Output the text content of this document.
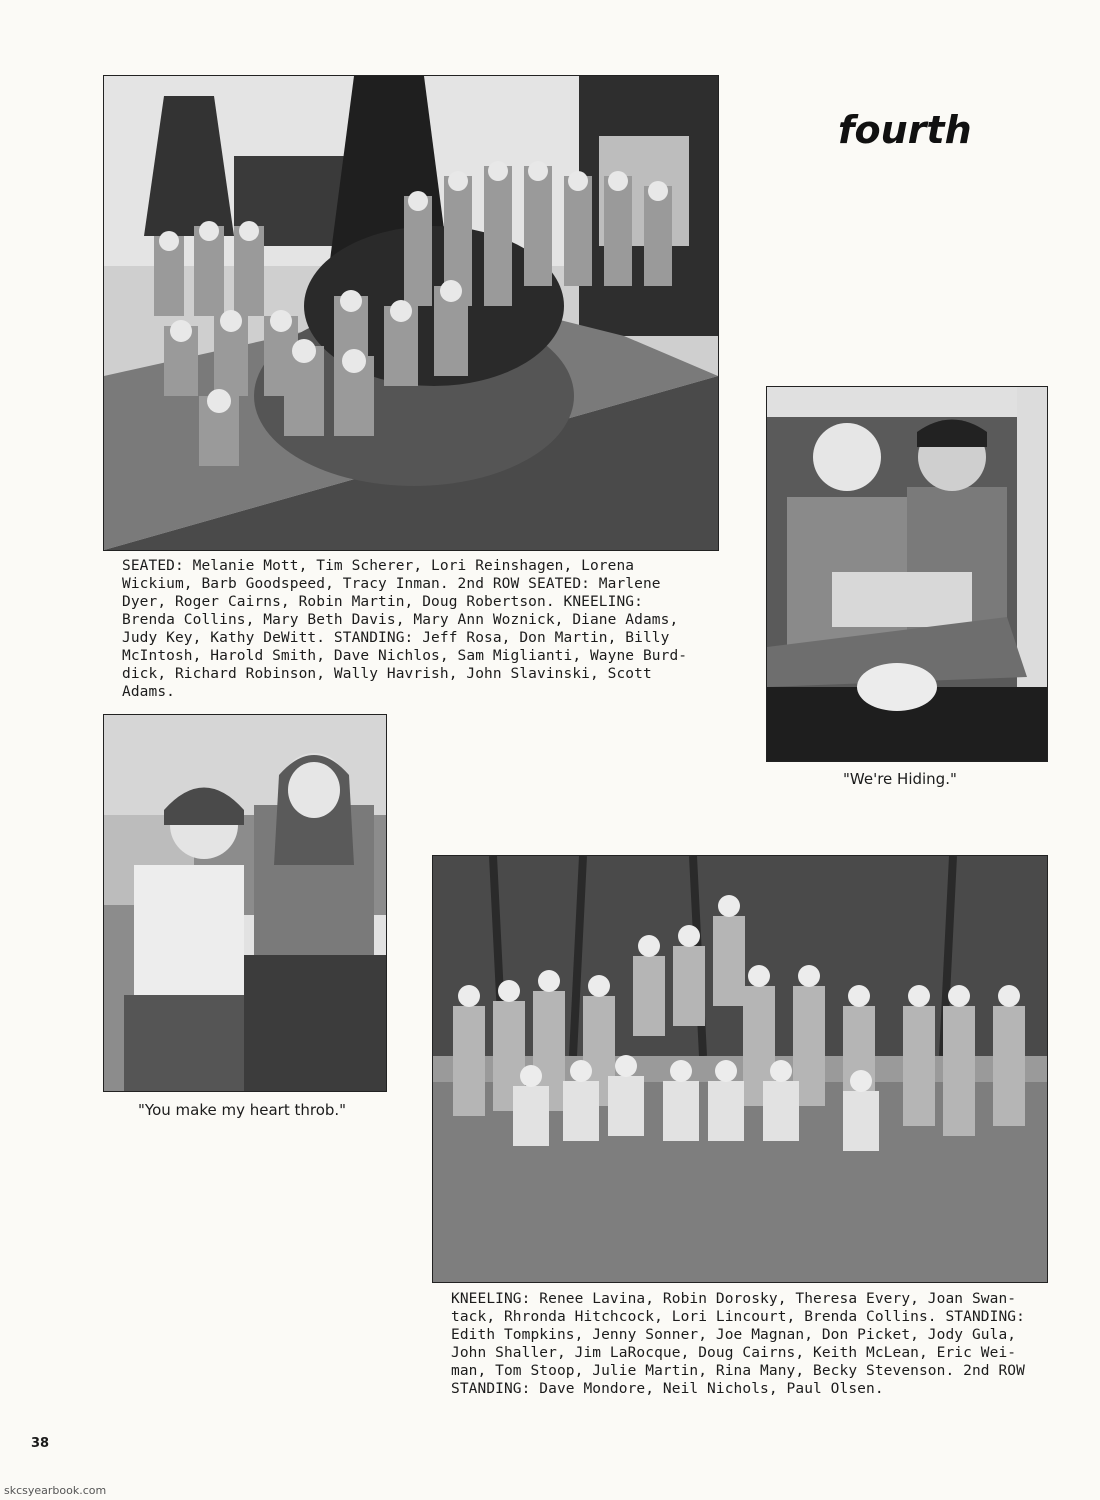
fourth
SEATED: Melanie Mott, Tim Scherer, Lori Reinshagen, Lorena Wickium, Barb Goodspeed, Tracy Inman. 2nd ROW SEATED: Marlene Dyer, Roger Cairns, Robin Martin, Doug Robertson. KNEELING: Brenda Collins, Mary Beth Davis, Mary Ann Woznick, Diane Adams, Judy Key, Kathy DeWitt. STANDING: Jeff Rosa, Don Martin, Billy McIntosh, Harold Smith, Dave Nichlos, Sam Miglianti, Wayne Burd-dick, Richard Robinson, Wally Havrish, John Slavinski, Scott Adams.
"We're Hiding."
"You make my heart throb."
KNEELING: Renee Lavina, Robin Dorosky, Theresa Every, Joan Swan-tack, Rhronda Hitchcock, Lori Lincourt, Brenda Collins. STANDING: Edith Tompkins, Jenny Sonner, Joe Magnan, Don Picket, Jody Gula, John Shaller, Jim LaRocque, Doug Cairns, Keith McLean, Eric Wei-man, Tom Stoop, Julie Martin, Rina Many, Becky Stevenson. 2nd ROW STANDING: Dave Mondore, Neil Nichols, Paul Olsen.
38
skcsyearbook.com
